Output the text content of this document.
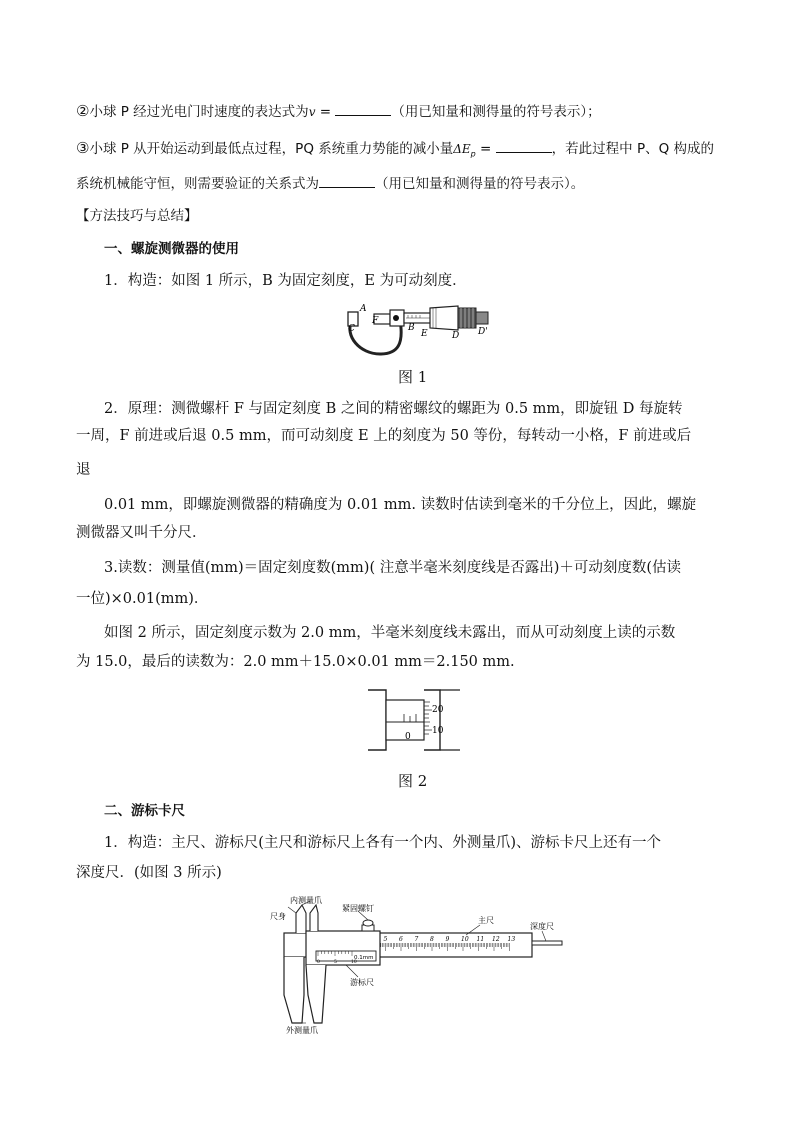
②小球 P 经过光电门时速度的表达式为v =	（用已知量和测得量的符号表示）；
③小球 P 从开始运动到最低点过程，PQ 系统重力势能的减小量$\Delta E_p$ =	，若此过程中 P、Q 构成的
系统机械能守恒，则需要验证的关系式为	（用已知量和测得量的符号表示）。
【方法技巧与总结】
一、螺旋测微器的使用
1．构造：如图 1 所示，B 为固定刻度，E 为可动刻度．
C
A
F
B
E	D D'
图 1
2．原理：测微螺杆 F 与固定刻度 B 之间的精密螺纹的螺距为 0.5 mm，即旋钮 D 每旋转
一周，F 前进或后退 0.5 mm，而可动刻度 E 上的刻度为 50 等份，每转动一小格，F 前进或后
退
0.01 mm，即螺旋测微器的精确度为 0.01 mm. 读数时估读到毫米的千分位上，因此，螺旋
测微器又叫千分尺．
3.读数：测量值(mm)＝固定刻度数(mm)( 注意半毫米刻度线是否露出)＋可动刻度数(估读
一位)×0.01(mm)．
如图 2 所示，固定刻度示数为 2.0 mm，半毫米刻度线未露出，而从可动刻度上读的示数
为 15.0，最后的读数为：2.0 mm＋15.0×0.01 mm＝2.150 mm.
0
20
10
图 2
二、游标卡尺
1．构造：主尺、游标尺(主尺和游标尺上各有一个内、外测量爪)、游标卡尺上还有一个
深度尺．(如图 3 所示)
5 6 7 8 9 10 11 12 13
0	5	10
尺身
内测量爪
紧固螺钉
主尺
深度尺
游标尺
外测量爪
0.1mm
